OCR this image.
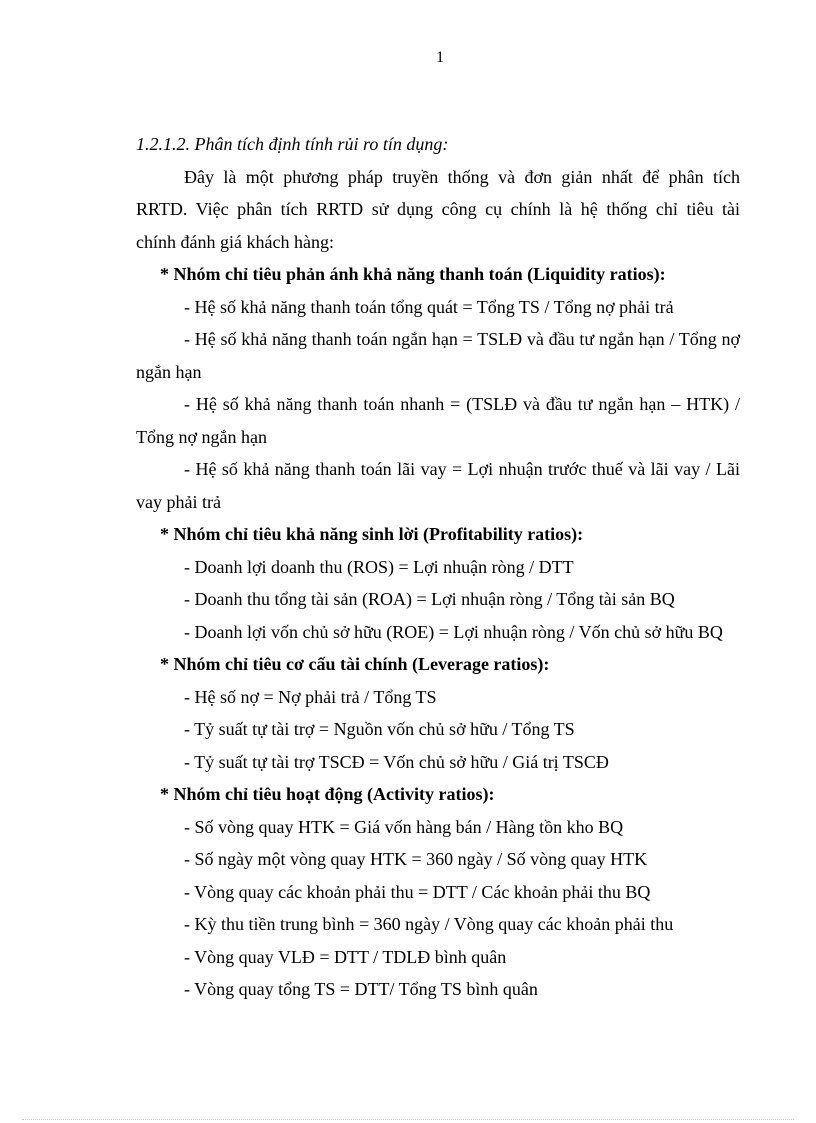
1

1.2.1.2. Phân tích định tính rủi ro tín dụng:

Đây là một phương pháp truyền thống và đơn giản nhất để phân tích

RRTD. Việc phân tích RRTD sử dụng công cụ chính là hệ thống chỉ tiêu tài

chính đánh giá khách hàng:

* Nhóm chỉ tiêu phản ánh khả năng thanh toán (Liquidity ratios):

- Hệ số khả năng thanh toán tổng quát = Tổng TS / Tổng nợ phải trả

- Hệ số khả năng thanh toán ngắn hạn = TSLĐ và đầu tư ngắn hạn / Tổng nợ ngắn hạn

- Hệ số khả năng thanh toán nhanh = (TSLĐ và đầu tư ngắn hạn – HTK) / Tổng nợ ngắn hạn

- Hệ số khả năng thanh toán lãi vay = Lợi nhuận trước thuế và lãi vay / Lãi vay phải trả

* Nhóm chỉ tiêu khả năng sinh lời (Profitability ratios):

- Doanh lợi doanh thu (ROS) = Lợi nhuận ròng / DTT

- Doanh thu tổng tài sản (ROA) = Lợi nhuận ròng / Tổng tài sản BQ

- Doanh lợi vốn chủ sở hữu (ROE) = Lợi nhuận ròng / Vốn chủ sở hữu BQ

* Nhóm chỉ tiêu cơ cấu tài chính (Leverage ratios):

- Hệ số nợ = Nợ phải trả / Tổng TS

- Tỷ suất tự tài trợ = Nguồn vốn chủ sở hữu / Tổng TS

- Tỷ suất tự tài trợ TSCĐ = Vốn chủ sở hữu / Giá trị TSCĐ

* Nhóm chỉ tiêu hoạt động (Activity ratios):

- Số vòng quay HTK = Giá vốn hàng bán / Hàng tồn kho BQ

- Số ngày một vòng quay HTK = 360 ngày / Số vòng quay HTK

- Vòng quay các khoản phải thu = DTT / Các khoản phải thu BQ

- Kỳ thu tiền trung bình = 360 ngày / Vòng quay các khoản phải thu

- Vòng quay VLĐ = DTT / TDLĐ bình quân

- Vòng quay tổng TS = DTT/ Tổng TS bình quân
